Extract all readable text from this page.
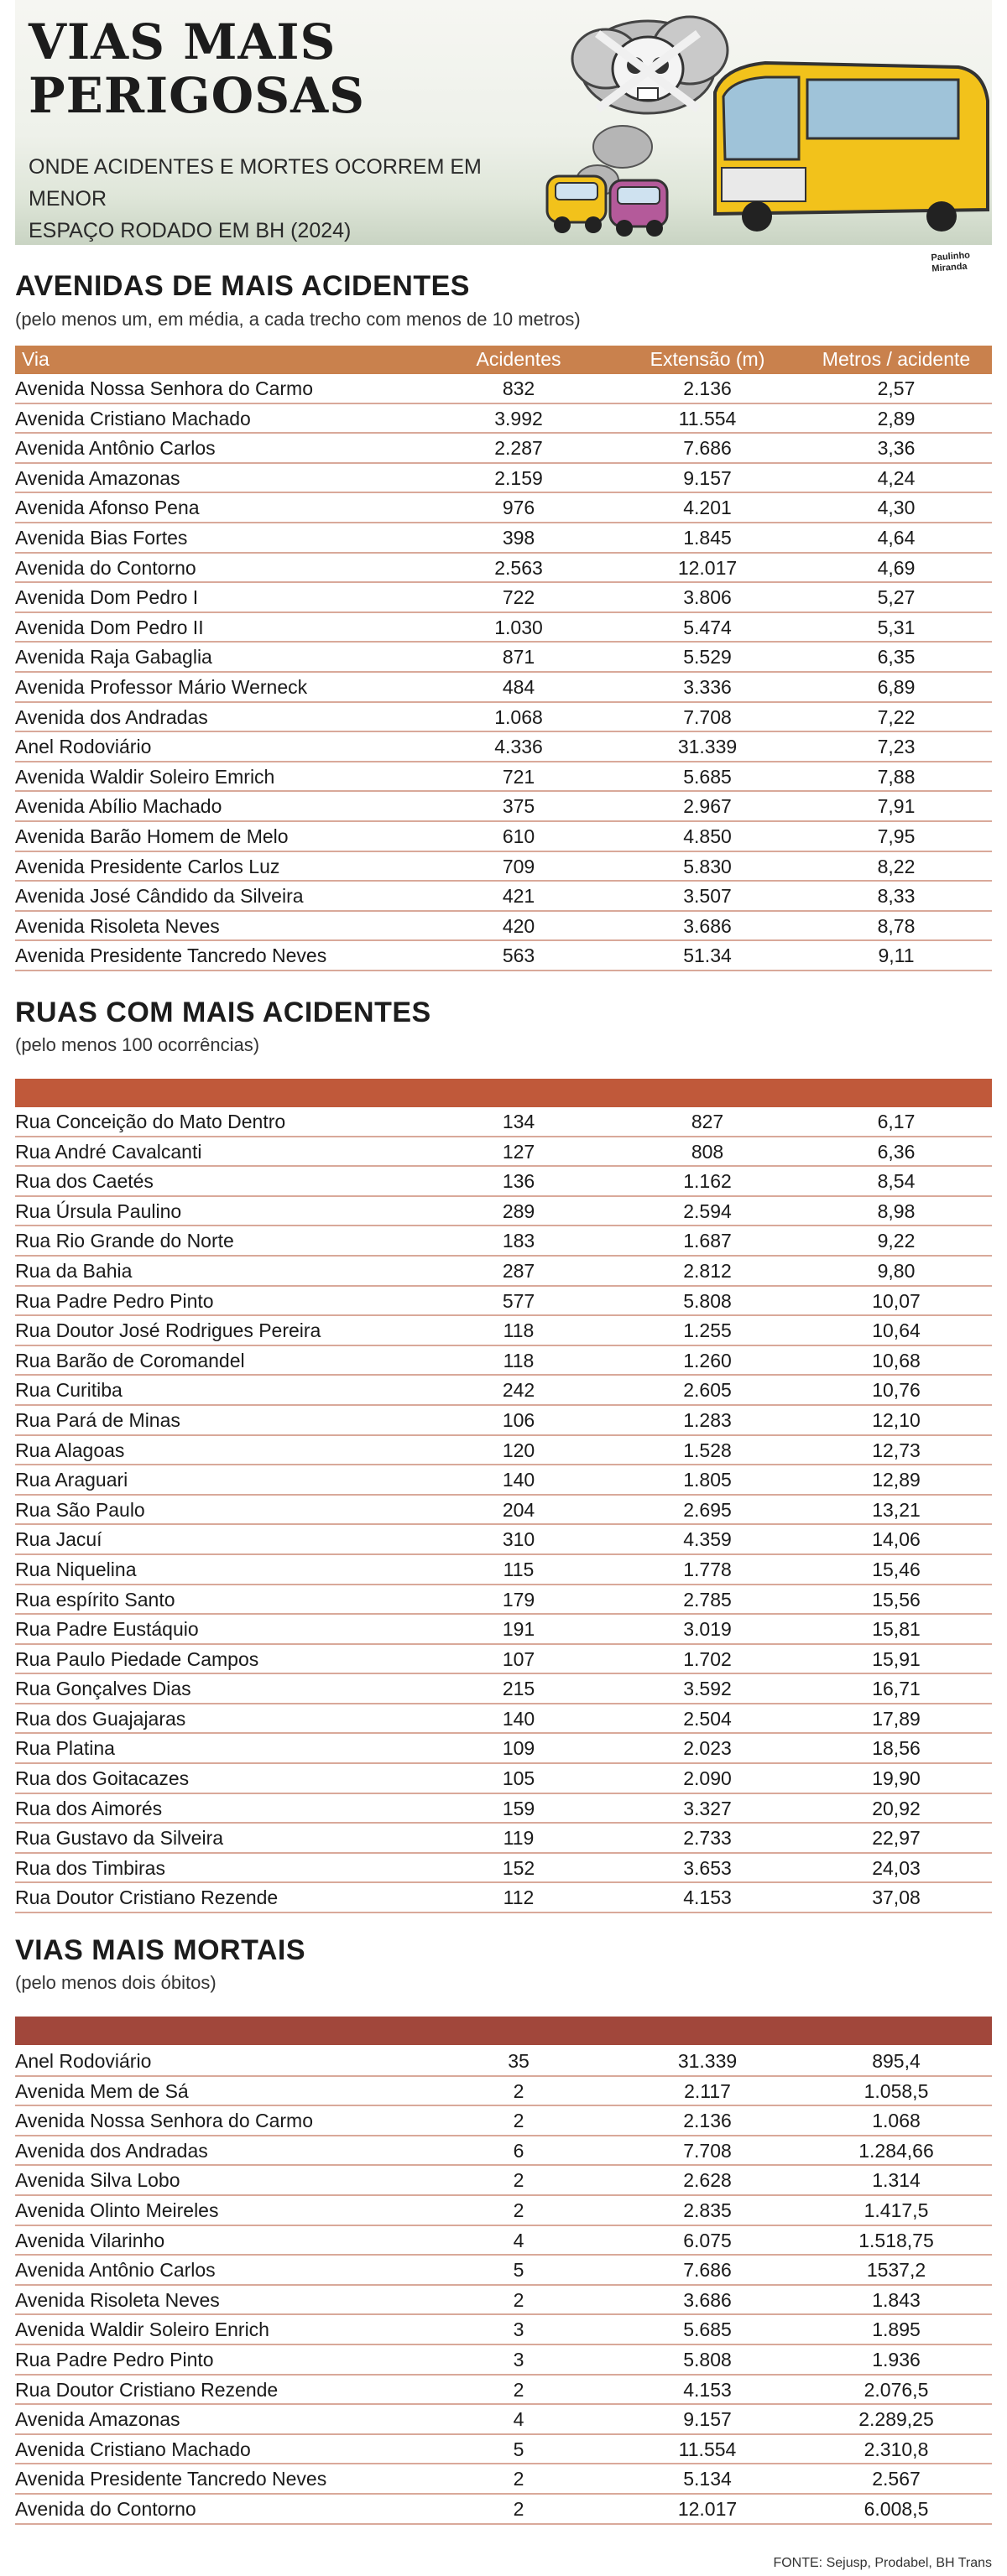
VIAS MAIS
PERIGOSAS
ONDE ACIDENTES E MORTES OCORREM EM MENOR
ESPAÇO RODADO EM BH (2024)
Paulinho
Miranda
AVENIDAS DE MAIS ACIDENTES
(pelo menos um, em média, a cada trecho com menos de 10 metros)
Via	Acidentes	Extensão (m)	Metros / acidente
Avenida Nossa Senhora do Carmo	832	2.136	2,57
Avenida Cristiano Machado	3.992	11.554	2,89
Avenida Antônio Carlos	2.287	7.686	3,36
Avenida Amazonas	2.159	9.157	4,24
Avenida Afonso Pena	976	4.201	4,30
Avenida Bias Fortes	398	1.845	4,64
Avenida do Contorno	2.563	12.017	4,69
Avenida Dom Pedro I	722	3.806	5,27
Avenida Dom Pedro II	1.030	5.474	5,31
Avenida Raja Gabaglia	871	5.529	6,35
Avenida Professor Mário Werneck	484	3.336	6,89
Avenida dos Andradas	1.068	7.708	7,22
Anel Rodoviário	4.336	31.339	7,23
Avenida Waldir Soleiro Emrich	721	5.685	7,88
Avenida Abílio Machado	375	2.967	7,91
Avenida Barão Homem de Melo	610	4.850	7,95
Avenida Presidente Carlos Luz	709	5.830	8,22
Avenida José Cândido da Silveira	421	3.507	8,33
Avenida Risoleta Neves	420	3.686	8,78
Avenida Presidente Tancredo Neves	563	51.34	9,11
RUAS COM MAIS ACIDENTES
(pelo menos 100 ocorrências)
Rua Conceição do Mato Dentro	134	827	6,17
Rua André Cavalcanti	127	808	6,36
Rua dos Caetés	136	1.162	8,54
Rua Úrsula Paulino	289	2.594	8,98
Rua Rio Grande do Norte	183	1.687	9,22
Rua da Bahia	287	2.812	9,80
Rua Padre Pedro Pinto	577	5.808	10,07
Rua Doutor José Rodrigues Pereira	118	1.255	10,64
Rua Barão de Coromandel	118	1.260	10,68
Rua Curitiba	242	2.605	10,76
Rua Pará de Minas	106	1.283	12,10
Rua Alagoas	120	1.528	12,73
Rua Araguari	140	1.805	12,89
Rua São Paulo	204	2.695	13,21
Rua Jacuí	310	4.359	14,06
Rua Niquelina	115	1.778	15,46
Rua espírito Santo	179	2.785	15,56
Rua Padre Eustáquio	191	3.019	15,81
Rua Paulo Piedade Campos	107	1.702	15,91
Rua Gonçalves Dias	215	3.592	16,71
Rua dos Guajajaras	140	2.504	17,89
Rua Platina	109	2.023	18,56
Rua dos Goitacazes	105	2.090	19,90
Rua dos Aimorés	159	3.327	20,92
Rua Gustavo da Silveira	119	2.733	22,97
Rua dos Timbiras	152	3.653	24,03
Rua Doutor Cristiano Rezende	112	4.153	37,08
VIAS MAIS MORTAIS
(pelo menos dois óbitos)
Anel Rodoviário	35	31.339	895,4
Avenida Mem de Sá	2	2.117	1.058,5
Avenida Nossa Senhora do Carmo	2	2.136	1.068
Avenida dos Andradas	6	7.708	1.284,66
Avenida Silva Lobo	2	2.628	1.314
Avenida Olinto Meireles	2	2.835	1.417,5
Avenida Vilarinho	4	6.075	1.518,75
Avenida Antônio Carlos	5	7.686	1537,2
Avenida Risoleta Neves	2	3.686	1.843
Avenida Waldir Soleiro Enrich	3	5.685	1.895
Rua Padre Pedro Pinto	3	5.808	1.936
Rua Doutor Cristiano Rezende	2	4.153	2.076,5
Avenida Amazonas	4	9.157	2.289,25
Avenida Cristiano Machado	5	11.554	2.310,8
Avenida Presidente Tancredo Neves	2	5.134	2.567
Avenida do Contorno	2	12.017	6.008,5
FONTE: Sejusp, Prodabel, BH Trans
